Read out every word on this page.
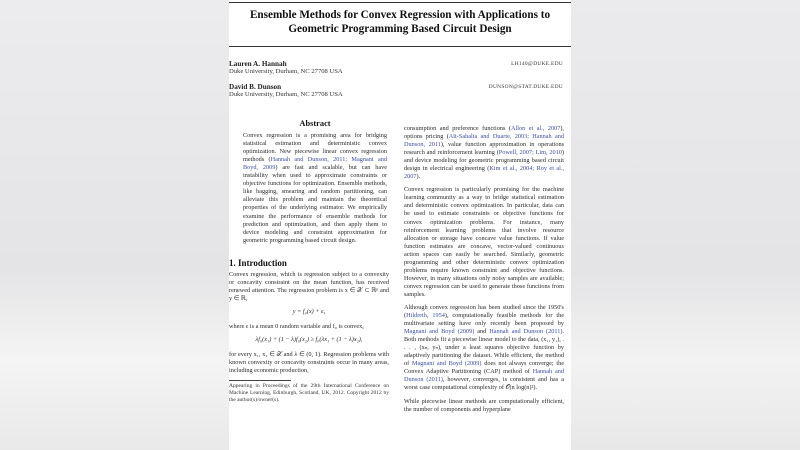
Ensemble Methods for Convex Regression with Applications to
Geometric Programming Based Circuit Design
Lauren A. Hannah
Duke University, Durham, NC 27708 USA
LH140@DUKE.EDU
David B. Dunson
Duke University, Durham, NC 27708 USA
DUNSON@STAT.DUKE.EDU
Abstract

Convex regression is a promising area for bridging statistical estimation and deterministic convex optimization. New piecewise linear convex regression methods (Hannah and Dunson, 2011; Magnani and Boyd, 2009) are fast and scalable, but can have instability when used to approximate constraints or objective functions for optimization. Ensemble methods, like bagging, smearing and random partitioning, can alleviate this problem and maintain the theoretical properties of the underlying estimator. We empirically examine the performance of ensemble methods for prediction and optimization, and then apply them to device modeling and constraint approximation for geometric programming based circuit design.

1. Introduction

Convex regression, which is regression subject to a convexity or concavity constraint on the mean function, has received renewed attention. The regression problem is x ∈ 𝒳 ⊂ ℝᵖ and y ∈ ℝ,

y = f₀(x) + ϵ,

where ϵ is a mean 0 random variable and f₀ is convex,

λf₀(x₁) + (1 − λ)f₀(x₂) ≥ f₀(λx₁ + (1 − λ)x₂),

for every x₁, x₂ ∈ 𝒳 and λ ∈ (0, 1). Regression problems with known convexity or concavity constraints occur in many areas, including economic production,

Appearing in Proceedings of the 29th International Conference on Machine Learning, Edinburgh, Scotland, UK, 2012. Copyright 2012 by the author(s)/owner(s).

consumption and preference functions (Allon et al., 2007), options pricing (Aït-Sahalia and Duarte, 2003; Hannah and Dunson, 2011), value function approximation in operations research and reinforcement learning (Powell, 2007; Lim, 2010) and device modeling for geometric programming based circuit design in electrical engineering (Kim et al., 2004; Roy et al., 2007).

Convex regression is particularly promising for the machine learning community as a way to bridge statistical estimation and deterministic convex optimization. In particular, data can be used to estimate constraints or objective functions for convex optimization problems. For instance, many reinforcement learning problems that involve resource allocation or storage have concave value functions. If value function estimates are concave, vector-valued continuous action spaces can easily be searched. Similarly, geometric programming and other deterministic convex optimization problems require known constraint and objective functions. However, in many situations only noisy samples are available; convex regression can be used to generate those functions from samples.

Although convex regression has been studied since the 1950's (Hildreth, 1954), computationally feasible methods for the multivariate setting have only recently been proposed by Magnani and Boyd (2009) and Hannah and Dunson (2011). Both methods fit a piecewise linear model to the data, (x₁, y₁), . . . , (xₙ, yₙ), under a least squares objective function by adaptively partitioning the dataset. While efficient, the method of Magnani and Boyd (2009) does not always converge; the Convex Adaptive Partitioning (CAP) method of Hannah and Dunson (2011), however, converges, is consistent and has a worst case computational complexity of 𝒪(n log(n)²).

While piecewise linear methods are computationally efficient, the number of components and hyperplane
